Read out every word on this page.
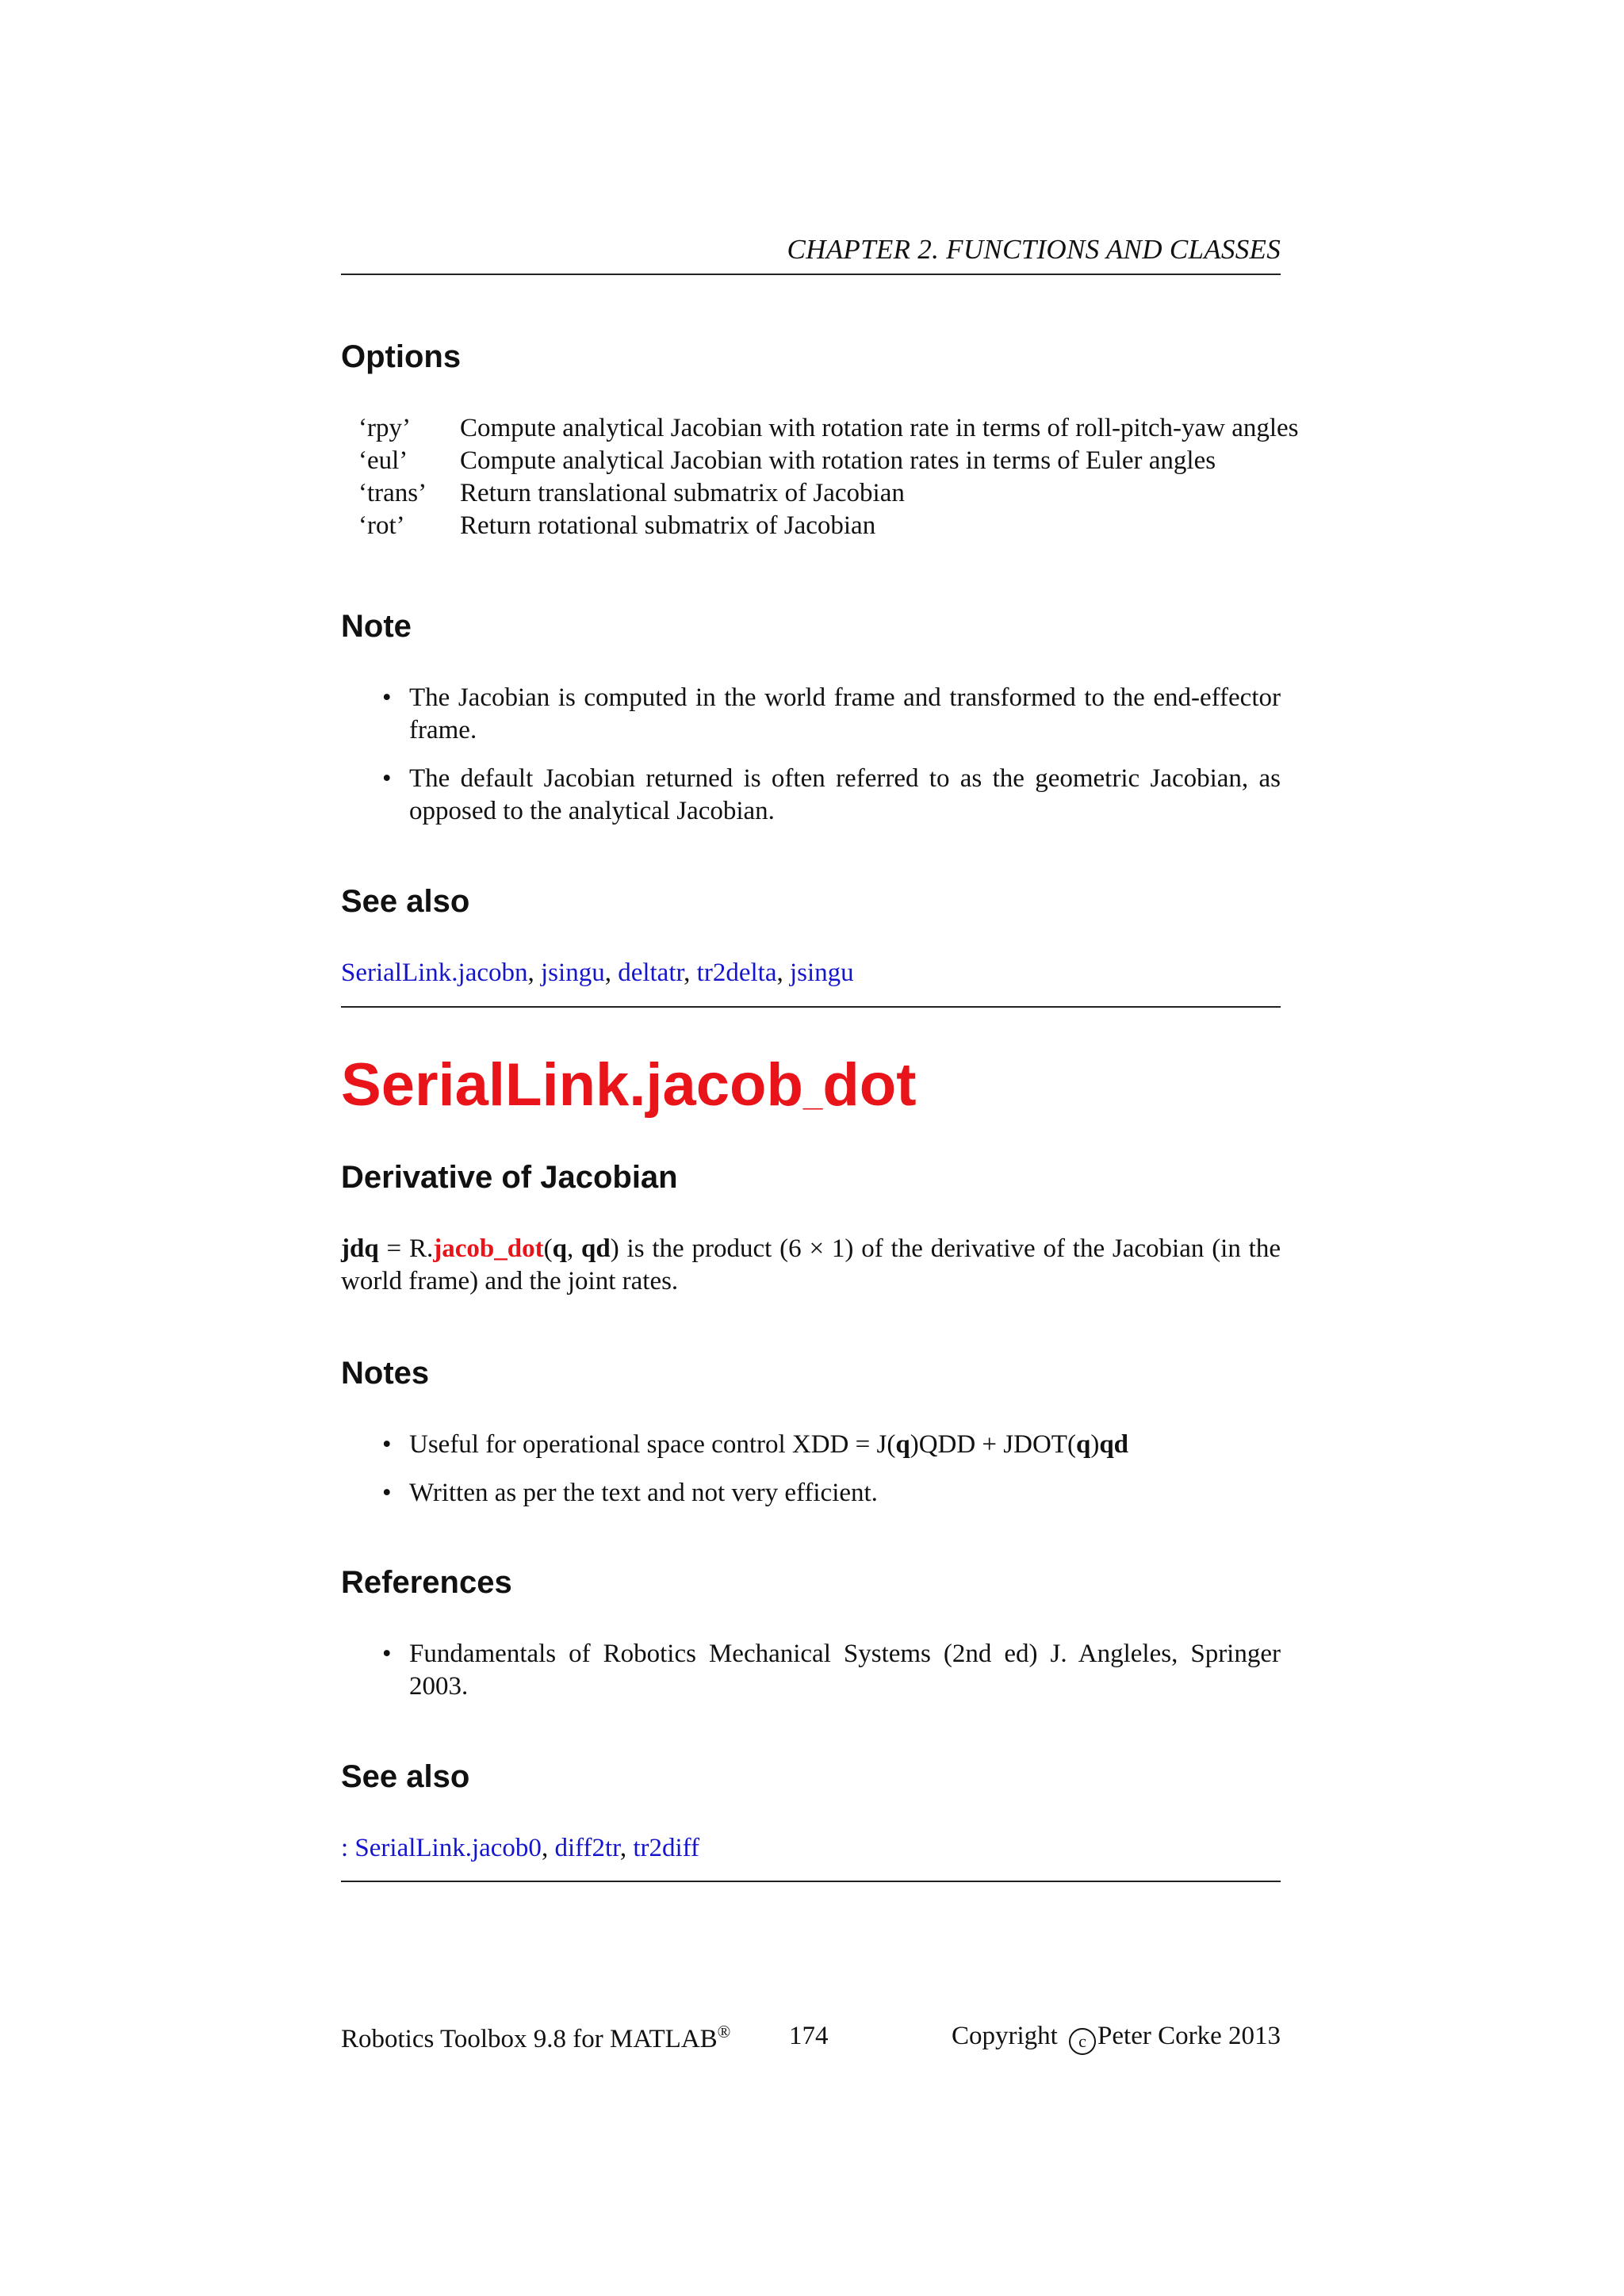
CHAPTER 2. FUNCTIONS AND CLASSES
Options
‘rpy’	Compute analytical Jacobian with rotation rate in terms of roll-pitch-yaw angles
‘eul’	Compute analytical Jacobian with rotation rates in terms of Euler angles
‘trans’	Return translational submatrix of Jacobian
‘rot’	Return rotational submatrix of Jacobian
Note
• The Jacobian is computed in the world frame and transformed to the end-effector frame.
• The default Jacobian returned is often referred to as the geometric Jacobian, as opposed to the analytical Jacobian.
See also
SerialLink.jacobn, jsingu, deltatr, tr2delta, jsingu
SerialLink.jacob_dot
Derivative of Jacobian
jdq = R.jacob_dot(q, qd) is the product (6 × 1) of the derivative of the Jacobian (in the world frame) and the joint rates.
Notes
• Useful for operational space control XDD = J(q)QDD + JDOT(q)qd
• Written as per the text and not very efficient.
References
• Fundamentals of Robotics Mechanical Systems (2nd ed) J. Angleles, Springer 2003.
See also
: SerialLink.jacob0, diff2tr, tr2diff
Robotics Toolbox 9.8 for MATLAB® 174	Copyright c Peter Corke 2013
